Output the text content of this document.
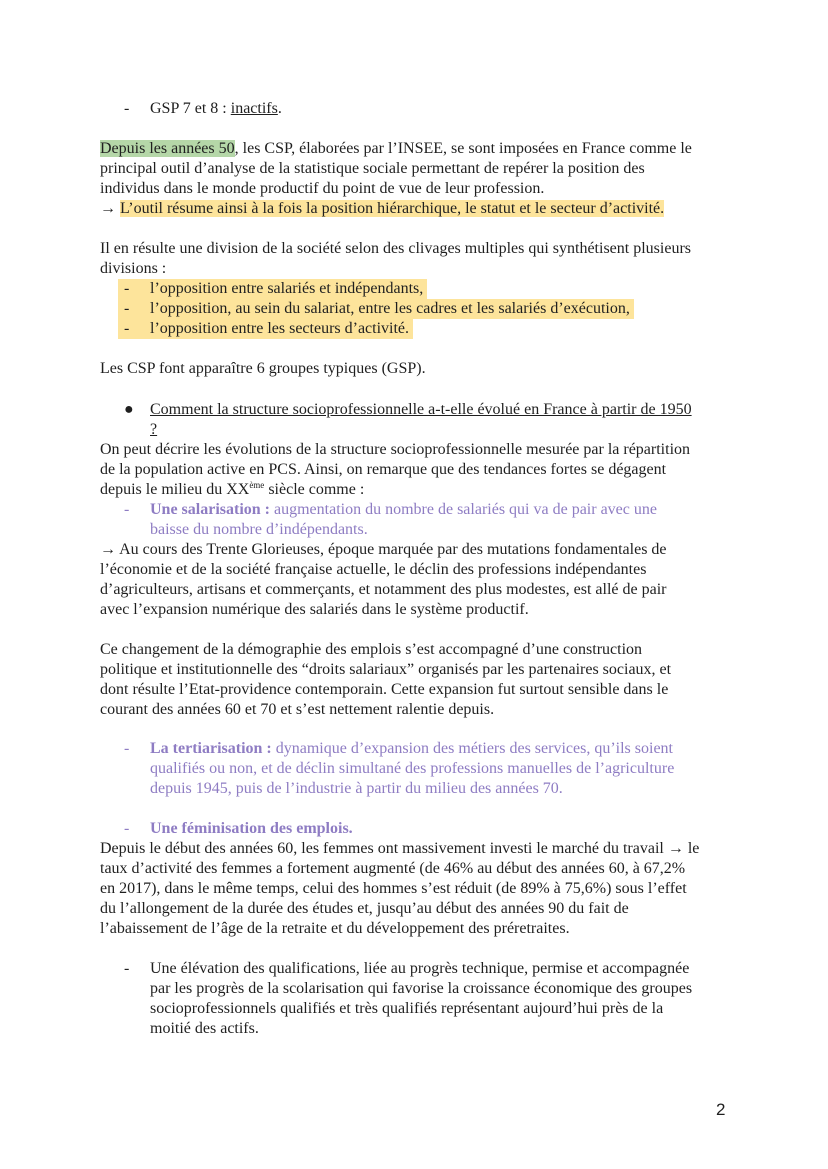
- GSP 7 et 8 : inactifs.
Depuis les années 50, les CSP, élaborées par l’INSEE, se sont imposées en France comme le
principal outil d’analyse de la statistique sociale permettant de repérer la position des
individus dans le monde productif du point de vue de leur profession.
→ L’outil résume ainsi à la fois la position hiérarchique, le statut et le secteur d’activité.
Il en résulte une division de la société selon des clivages multiples qui synthétisent plusieurs
divisions :
- l’opposition entre salariés et indépendants,
- l’opposition, au sein du salariat, entre les cadres et les salariés d’exécution,
- l’opposition entre les secteurs d’activité.
Les CSP font apparaître 6 groupes typiques (GSP).
● Comment la structure socioprofessionnelle a-t-elle évolué en France à partir de 1950
?
On peut décrire les évolutions de la structure socioprofessionnelle mesurée par la répartition
de la population active en PCS. Ainsi, on remarque que des tendances fortes se dégagent
depuis le milieu du XXème siècle comme :
- Une salarisation : augmentation du nombre de salariés qui va de pair avec une
baisse du nombre d’indépendants.
→ Au cours des Trente Glorieuses, époque marquée par des mutations fondamentales de
l’économie et de la société française actuelle, le déclin des professions indépendantes
d’agriculteurs, artisans et commerçants, et notamment des plus modestes, est allé de pair
avec l’expansion numérique des salariés dans le système productif.
Ce changement de la démographie des emplois s’est accompagné d’une construction
politique et institutionnelle des “droits salariaux” organisés par les partenaires sociaux, et
dont résulte l’Etat-providence contemporain. Cette expansion fut surtout sensible dans le
courant des années 60 et 70 et s’est nettement ralentie depuis.
- La tertiarisation : dynamique d’expansion des métiers des services, qu’ils soient
qualifiés ou non, et de déclin simultané des professions manuelles de l’agriculture
depuis 1945, puis de l’industrie à partir du milieu des années 70.
- Une féminisation des emplois.
Depuis le début des années 60, les femmes ont massivement investi le marché du travail → le
taux d’activité des femmes a fortement augmenté (de 46% au début des années 60, à 67,2%
en 2017), dans le même temps, celui des hommes s’est réduit (de 89% à 75,6%) sous l’effet
du l’allongement de la durée des études et, jusqu’au début des années 90 du fait de
l’abaissement de l’âge de la retraite et du développement des préretraites.
- Une élévation des qualifications, liée au progrès technique, permise et accompagnée
par les progrès de la scolarisation qui favorise la croissance économique des groupes
socioprofessionnels qualifiés et très qualifiés représentant aujourd’hui près de la
moitié des actifs.
2
